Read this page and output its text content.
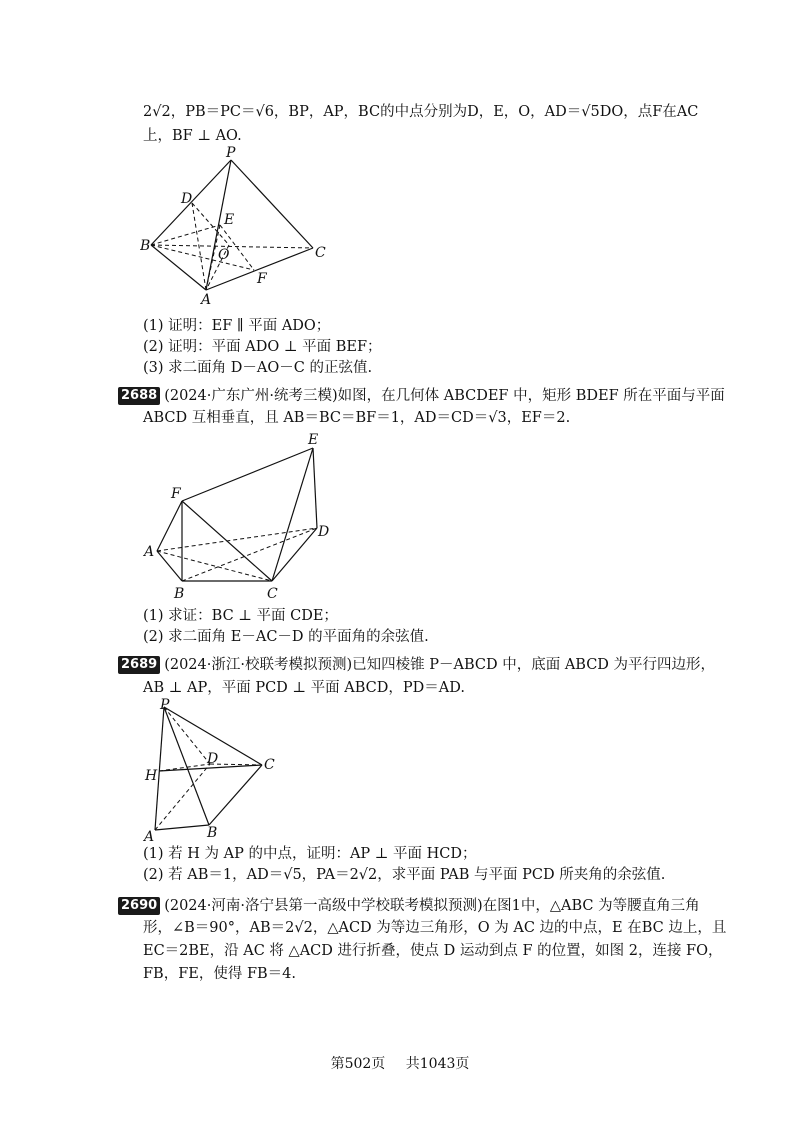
2√2，PB＝PC＝√6，BP，AP，BC的中点分别为D，E，O，AD＝√5DO，点F在AC
上，BF ⊥ AO.
P
D
E
B
O	C
F
A
(1) 证明：EF ∥ 平面 ADO；
(2) 证明：平面 ADO ⊥ 平面 BEF；
(3) 求二面角 D－AO－C 的正弦值.
2688 (2024·广东广州·统考三模)如图，在几何体 ABCDEF 中，矩形 BDEF 所在平面与平面
ABCD 互相垂直，且 AB＝BC＝BF＝1，AD＝CD＝√3，EF＝2.
E
F
D
A
B	C
(1) 求证：BC ⊥ 平面 CDE；
(2) 求二面角 E－AC－D 的平面角的余弦值.
2689 (2024·浙江·校联考模拟预测)已知四棱锥 P－ABCD 中，底面 ABCD 为平行四边形，
AB ⊥ AP，平面 PCD ⊥ 平面 ABCD，PD＝AD.
P
D	C
H
A	B
(1) 若 H 为 AP 的中点，证明：AP ⊥ 平面 HCD；
(2) 若 AB＝1，AD＝√5，PA＝2√2，求平面 PAB 与平面 PCD 所夹角的余弦值.
2690 (2024·河南·洛宁县第一高级中学校联考模拟预测)在图1中，△ABC 为等腰直角三角
形，∠B＝90°，AB＝2√2，△ACD 为等边三角形，O 为 AC 边的中点，E 在BC 边上，且
EC＝2BE，沿 AC 将 △ACD 进行折叠，使点 D 运动到点 F 的位置，如图 2，连接 FO，
FB，FE，使得 FB＝4.
第502页 共1043页
